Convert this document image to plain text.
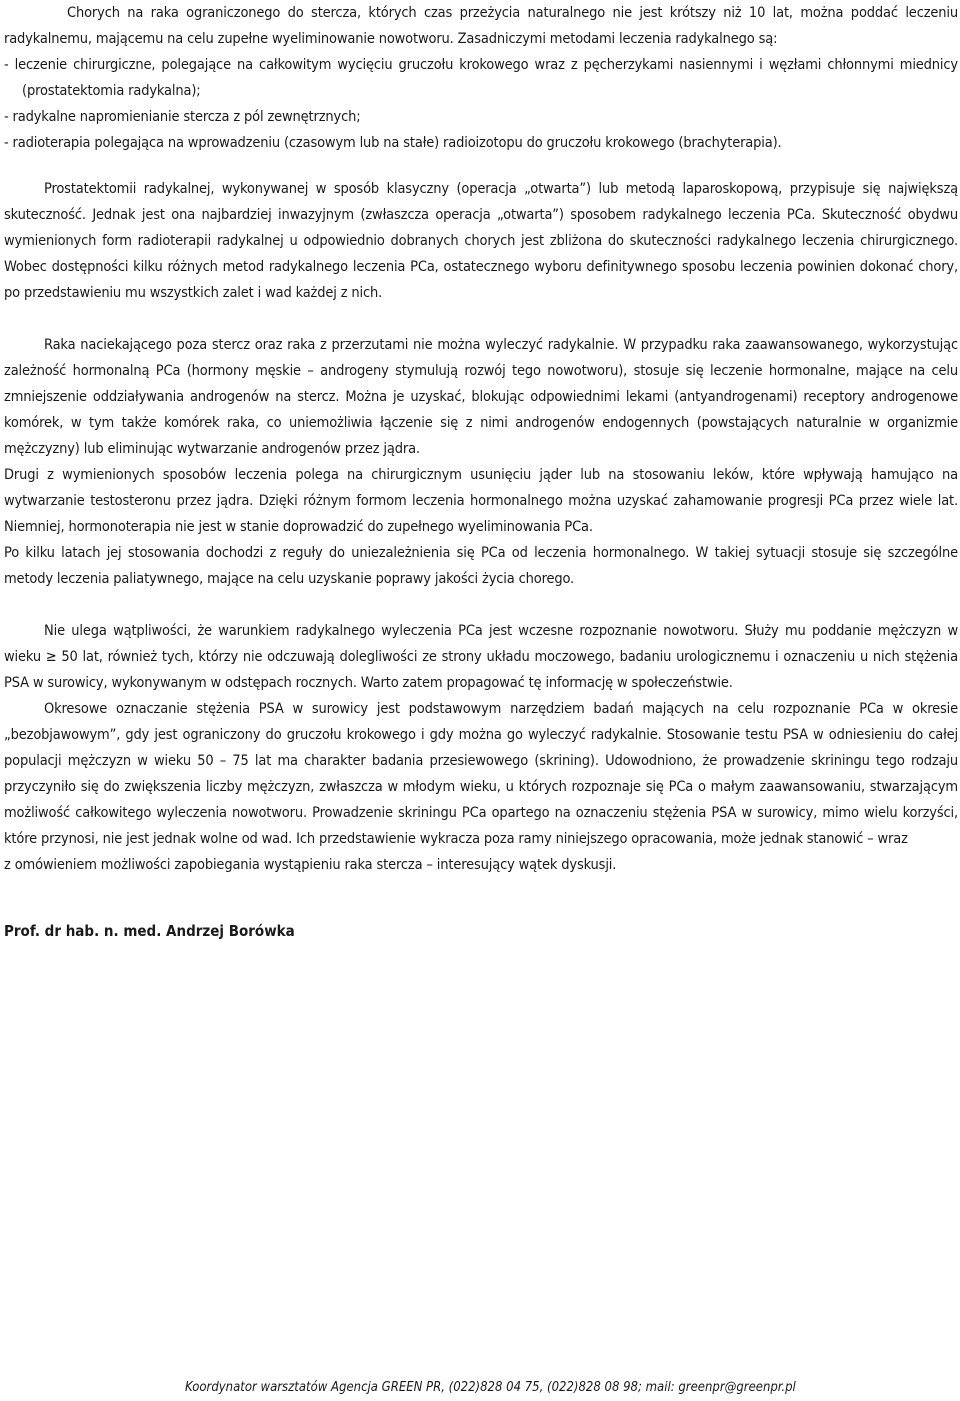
Chorych na raka ograniczonego do stercza, których czas przeżycia naturalnego nie jest krótszy niż 10 lat, można poddać leczeniu radykalnemu, mającemu na celu zupełne wyeliminowanie nowotworu. Zasadniczymi metodami leczenia radykalnego są:

- leczenie chirurgiczne, polegające na całkowitym wycięciu gruczołu krokowego wraz z pęcherzykami nasiennymi i węzłami chłonnymi miednicy (prostatektomia radykalna);

- radykalne napromienianie stercza z pól zewnętrznych;

- radioterapia polegająca na wprowadzeniu (czasowym lub na stałe) radioizotopu do gruczołu krokowego (brachyterapia).

Prostatektomii radykalnej, wykonywanej w sposób klasyczny (operacja „otwarta”) lub metodą laparoskopową, przypisuje się największą skuteczność. Jednak jest ona najbardziej inwazyjnym (zwłaszcza operacja „otwarta”) sposobem radykalnego leczenia PCa. Skuteczność obydwu wymienionych form radioterapii radykalnej u odpowiednio dobranych chorych jest zbliżona do skuteczności radykalnego leczenia chirurgicznego. Wobec dostępności kilku różnych metod radykalnego leczenia PCa, ostatecznego wyboru definitywnego sposobu leczenia powinien dokonać chory, po przedstawieniu mu wszystkich zalet i wad każdej z nich.

Raka naciekającego poza stercz oraz raka z przerzutami nie można wyleczyć radykalnie. W przypadku raka zaawansowanego, wykorzystując zależność hormonalną PCa (hormony męskie – androgeny stymulują rozwój tego nowotworu), stosuje się leczenie hormonalne, mające na celu zmniejszenie oddziaływania androgenów na stercz. Można je uzyskać, blokując odpowiednimi lekami (antyandrogenami) receptory androgenowe komórek, w tym także komórek raka, co uniemożliwia łączenie się z nimi androgenów endogennych (powstających naturalnie w organizmie mężczyzny) lub eliminując wytwarzanie androgenów przez jądra.

Drugi z wymienionych sposobów leczenia polega na chirurgicznym usunięciu jąder lub na stosowaniu leków, które wpływają hamująco na wytwarzanie testosteronu przez jądra. Dzięki różnym formom leczenia hormonalnego można uzyskać zahamowanie progresji PCa przez wiele lat. Niemniej, hormonoterapia nie jest w stanie doprowadzić do zupełnego wyeliminowania PCa.

Po kilku latach jej stosowania dochodzi z reguły do uniezależnienia się PCa od leczenia hormonalnego. W takiej sytuacji stosuje się szczególne metody leczenia paliatywnego, mające na celu uzyskanie poprawy jakości życia chorego.

Nie ulega wątpliwości, że warunkiem radykalnego wyleczenia PCa jest wczesne rozpoznanie nowotworu. Służy mu poddanie mężczyzn w wieku ≥ 50 lat, również tych, którzy nie odczuwają dolegliwości ze strony układu moczowego, badaniu urologicznemu i oznaczeniu u nich stężenia PSA w surowicy, wykonywanym w odstępach rocznych. Warto zatem propagować tę informację w społeczeństwie.

Okresowe oznaczanie stężenia PSA w surowicy jest podstawowym narzędziem badań mających na celu rozpoznanie PCa w okresie „bezobjawowym”, gdy jest ograniczony do gruczołu krokowego i gdy można go wyleczyć radykalnie. Stosowanie testu PSA w odniesieniu do całej populacji mężczyzn w wieku 50 – 75 lat ma charakter badania przesiewowego (skrining). Udowodniono, że prowadzenie skriningu tego rodzaju przyczyniło się do zwiększenia liczby mężczyzn, zwłaszcza w młodym wieku, u których rozpoznaje się PCa o małym zaawansowaniu, stwarzającym możliwość całkowitego wyleczenia nowotworu. Prowadzenie skriningu PCa opartego na oznaczeniu stężenia PSA w surowicy, mimo wielu korzyści, które przynosi, nie jest jednak wolne od wad. Ich przedstawienie wykracza poza ramy niniejszego opracowania, może jednak stanowić – wraz

z omówieniem możliwości zapobiegania wystąpieniu raka stercza – interesujący wątek dyskusji.

Prof. dr hab. n. med. Andrzej Borówka
Koordynator warsztatów Agencja GREEN PR, (022)828 04 75, (022)828 08 98; mail: greenpr@greenpr.pl
